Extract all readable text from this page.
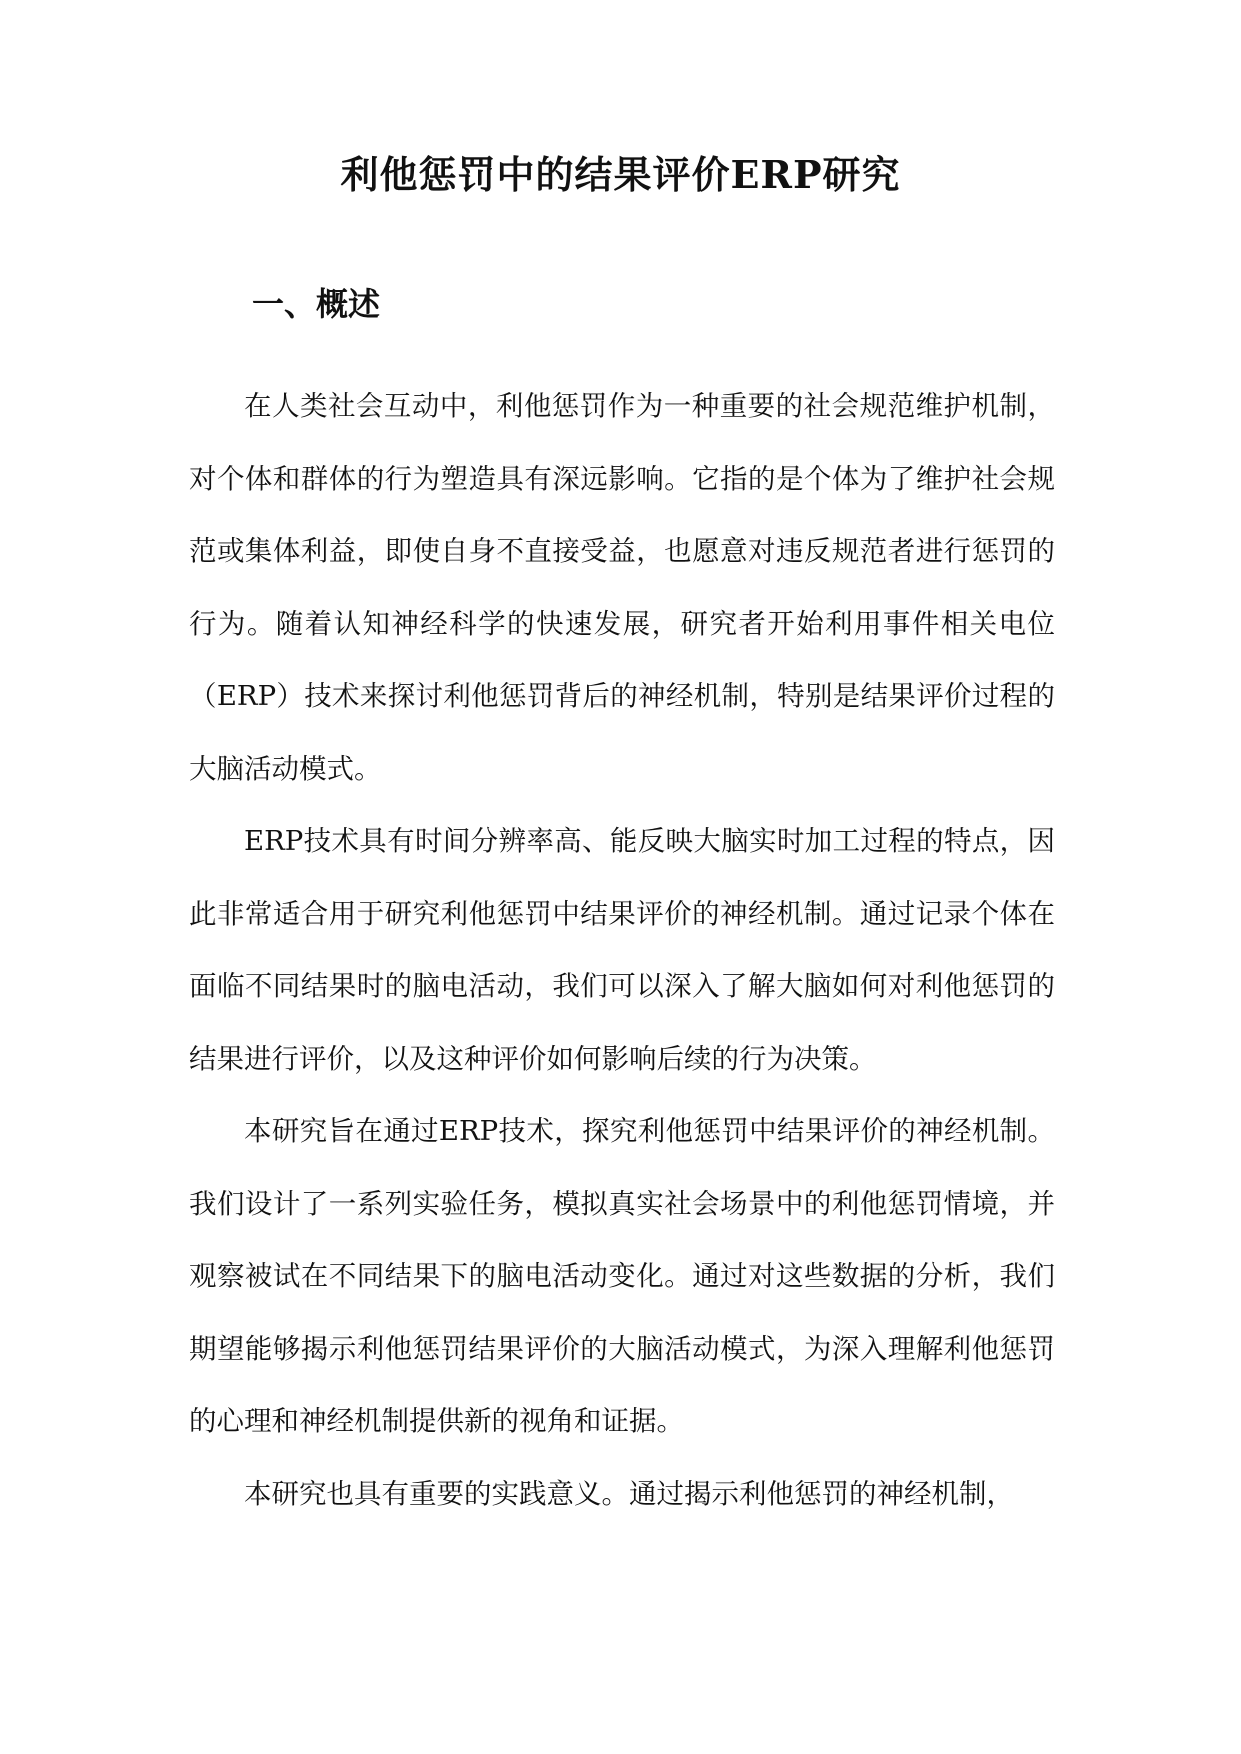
利他惩罚中的结果评价ERP研究
一、概述

在人类社会互动中，利他惩罚作为一种重要的社会规范维护机制，对个体和群体的行为塑造具有深远影响。它指的是个体为了维护社会规范或集体利益，即使自身不直接受益，也愿意对违反规范者进行惩罚的行为。随着认知神经科学的快速发展，研究者开始利用事件相关电位（ERP）技术来探讨利他惩罚背后的神经机制，特别是结果评价过程的大脑活动模式。

ERP技术具有时间分辨率高、能反映大脑实时加工过程的特点，因此非常适合用于研究利他惩罚中结果评价的神经机制。通过记录个体在面临不同结果时的脑电活动，我们可以深入了解大脑如何对利他惩罚的结果进行评价，以及这种评价如何影响后续的行为决策。

本研究旨在通过ERP技术，探究利他惩罚中结果评价的神经机制。我们设计了一系列实验任务，模拟真实社会场景中的利他惩罚情境，并观察被试在不同结果下的脑电活动变化。通过对这些数据的分析，我们期望能够揭示利他惩罚结果评价的大脑活动模式，为深入理解利他惩罚的心理和神经机制提供新的视角和证据。

本研究也具有重要的实践意义。通过揭示利他惩罚的神经机制，
